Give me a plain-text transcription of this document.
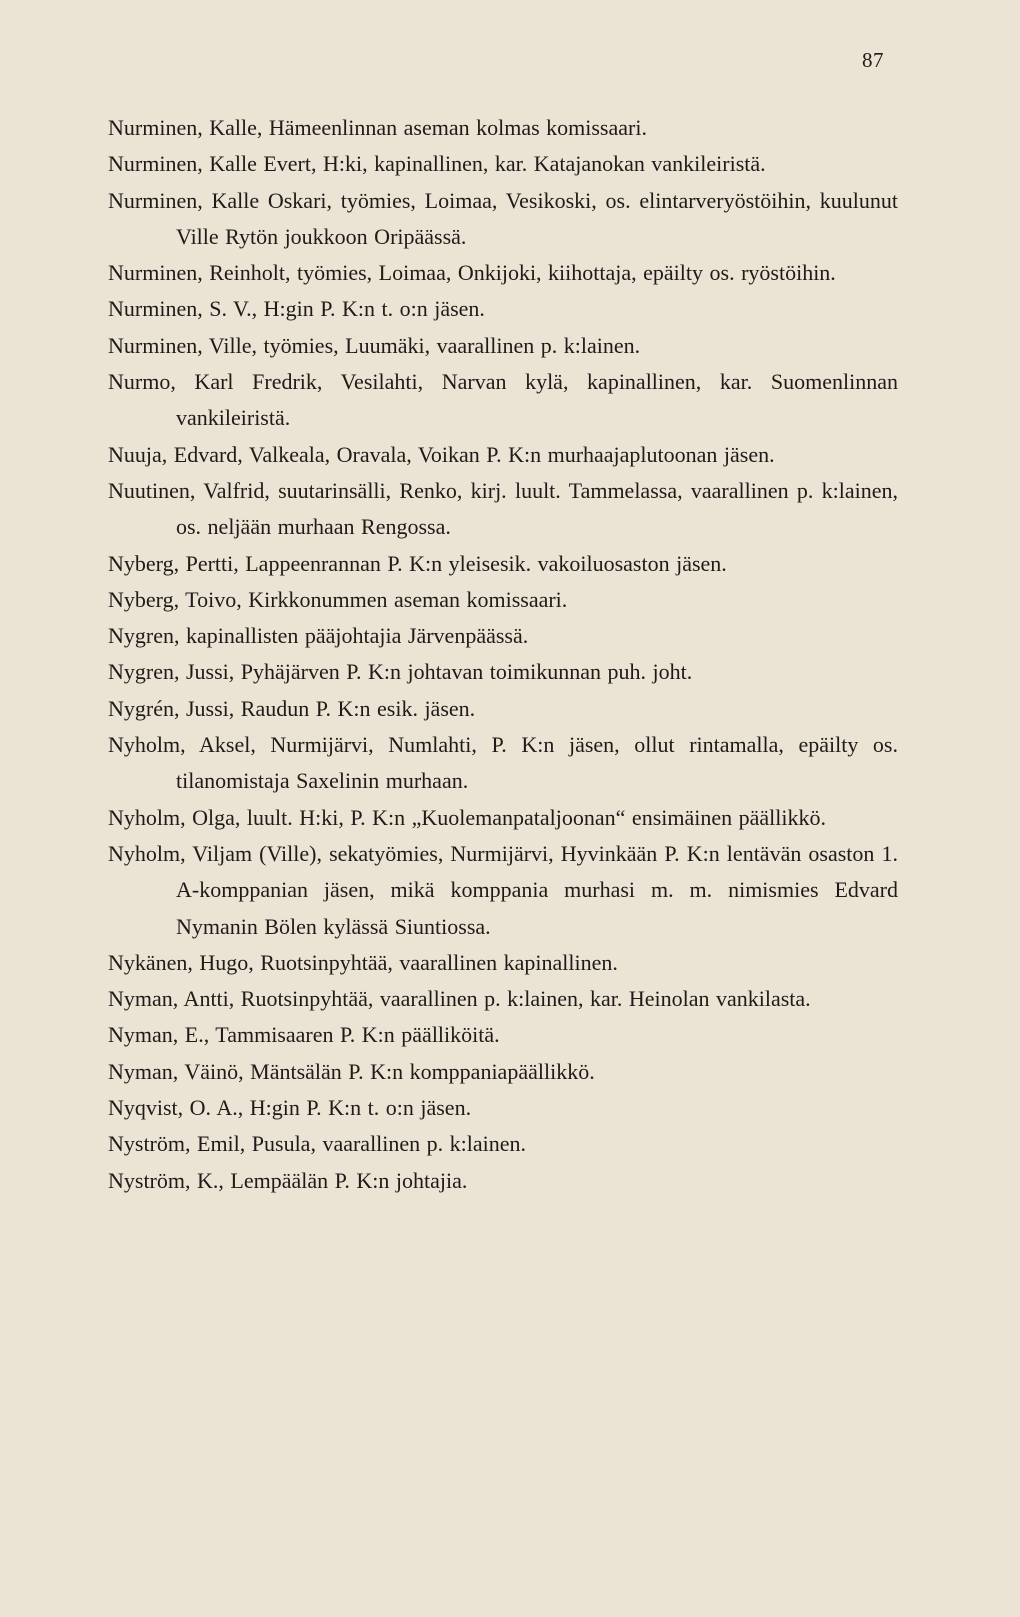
87

Nurminen, Kalle, Hämeenlinnan aseman kolmas komissaari.

Nurminen, Kalle Evert, H:ki, kapinallinen, kar. Katajanokan vankileiristä.

Nurminen, Kalle Oskari, työmies, Loimaa, Vesikoski, os. elintarveryöstöihin, kuulunut Ville Rytön joukkoon Oripäässä.

Nurminen, Reinholt, työmies, Loimaa, Onkijoki, kiihottaja, epäilty os. ryöstöihin.

Nurminen, S. V., H:gin P. K:n t. o:n jäsen.

Nurminen, Ville, työmies, Luumäki, vaarallinen p. k:lainen.

Nurmo, Karl Fredrik, Vesilahti, Narvan kylä, kapinallinen, kar. Suomenlinnan vankileiristä.

Nuuja, Edvard, Valkeala, Oravala, Voikan P. K:n murhaajaplutoonan jäsen.

Nuutinen, Valfrid, suutarinsälli, Renko, kirj. luult. Tammelassa, vaarallinen p. k:lainen, os. neljään murhaan Rengossa.

Nyberg, Pertti, Lappeenrannan P. K:n yleisesik. vakoiluosaston jäsen.

Nyberg, Toivo, Kirkkonummen aseman komissaari.

Nygren, kapinallisten pääjohtajia Järvenpäässä.

Nygren, Jussi, Pyhäjärven P. K:n johtavan toimikunnan puh. joht.

Nygrén, Jussi, Raudun P. K:n esik. jäsen.

Nyholm, Aksel, Nurmijärvi, Numlahti, P. K:n jäsen, ollut rintamalla, epäilty os. tilanomistaja Saxelinin murhaan.

Nyholm, Olga, luult. H:ki, P. K:n „Kuolemanpataljoonan“ ensimäinen päällikkö.

Nyholm, Viljam (Ville), sekatyömies, Nurmijärvi, Hyvinkään P. K:n lentävän osaston 1. A-komppanian jäsen, mikä komppania murhasi m. m. nimismies Edvard Nymanin Bölen kylässä Siuntiossa.

Nykänen, Hugo, Ruotsinpyhtää, vaarallinen kapinallinen.

Nyman, Antti, Ruotsinpyhtää, vaarallinen p. k:lainen, kar. Heinolan vankilasta.

Nyman, E., Tammisaaren P. K:n päälliköitä.

Nyman, Väinö, Mäntsälän P. K:n komppaniapäällikkö.

Nyqvist, O. A., H:gin P. K:n t. o:n jäsen.

Nyström, Emil, Pusula, vaarallinen p. k:lainen.

Nyström, K., Lempäälän P. K:n johtajia.
